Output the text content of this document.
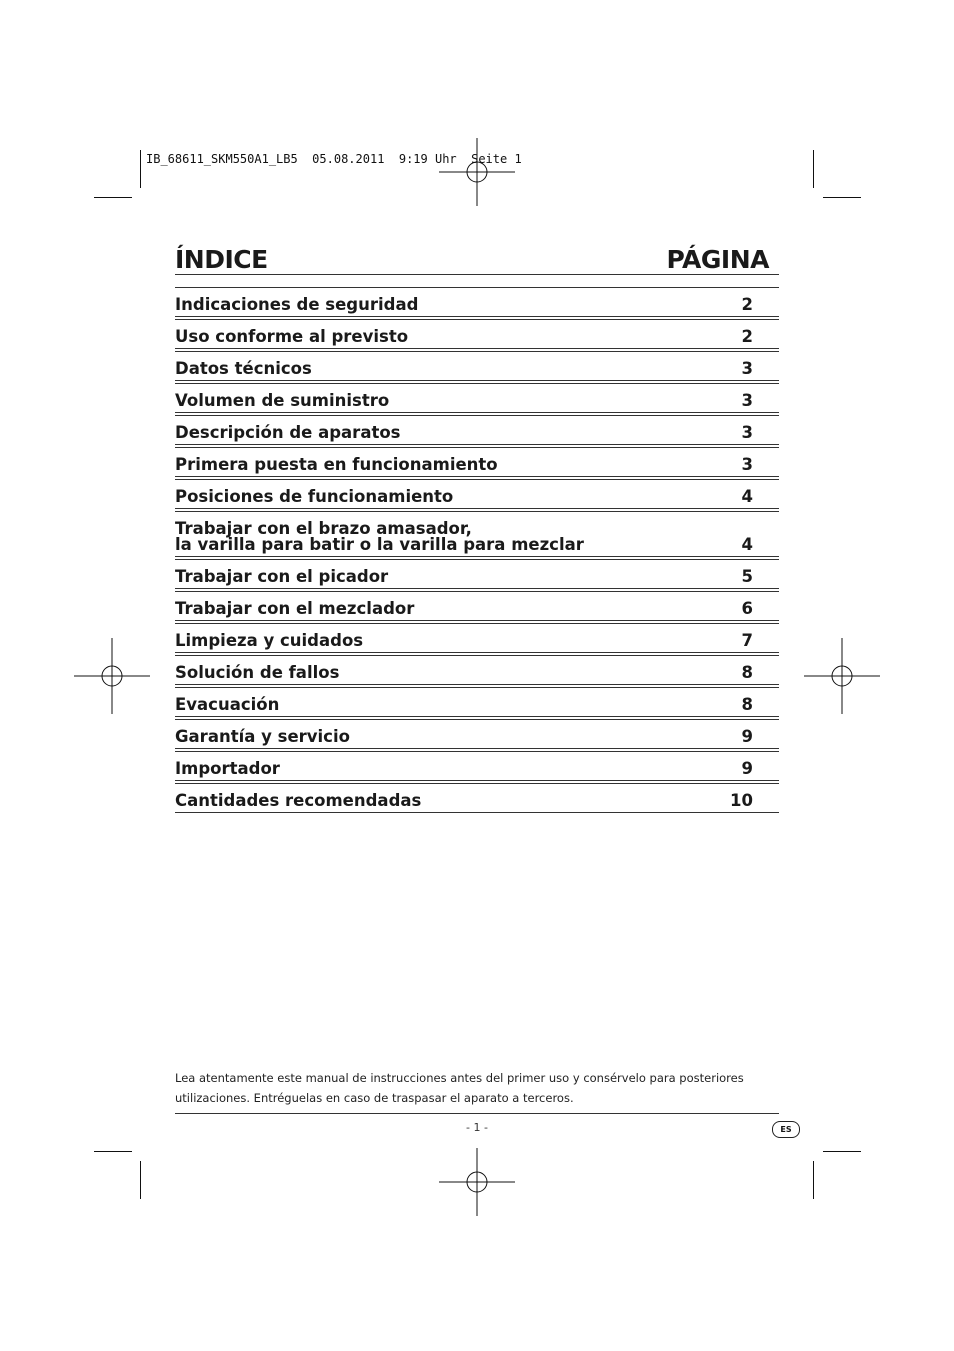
IB_68611_SKM550A1_LB5  05.08.2011  9:19 Uhr  Seite 1
ÍNDICE	PÁGINA
Indicaciones de seguridad	2
Uso conforme al previsto	2
Datos técnicos	3
Volumen de suministro	3
Descripción de aparatos	3
Primera puesta en funcionamiento	3
Posiciones de funcionamiento	4
Trabajar con el brazo amasador,
la varilla para batir o la varilla para mezclar	4
Trabajar con el picador	5
Trabajar con el mezclador	6
Limpieza y cuidados	7
Solución de fallos	8
Evacuación	8
Garantía y servicio	9
Importador	9
Cantidades recomendadas	10
Lea atentamente este manual de instrucciones antes del primer uso y consérvelo para posteriores utilizaciones. Entréguelas en caso de traspasar el aparato a terceros.
- 1 -	ES
